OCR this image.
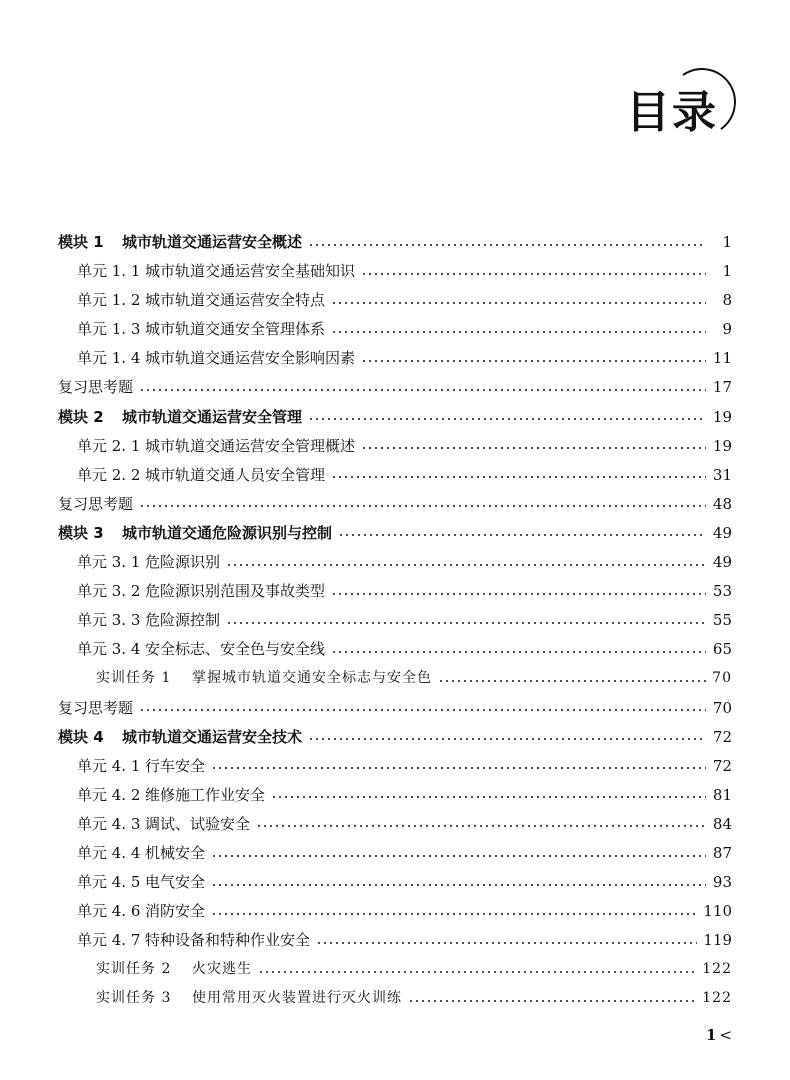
目录
模块 1	城市轨道交通运营安全概述	1
单元 1. 1 城市轨道交通运营安全基础知识	1
单元 1. 2 城市轨道交通运营安全特点	8
单元 1. 3 城市轨道交通安全管理体系	9
单元 1. 4 城市轨道交通运营安全影响因素	11
复习思考题	17
模块 2	城市轨道交通运营安全管理	19
单元 2. 1 城市轨道交通运营安全管理概述	19
单元 2. 2 城市轨道交通人员安全管理	31
复习思考题	48
模块 3	城市轨道交通危险源识别与控制	49
单元 3. 1 危险源识别	49
单元 3. 2 危险源识别范围及事故类型	53
单元 3. 3 危险源控制	55
单元 3. 4 安全标志、安全色与安全线	65
实训任务 1	掌握城市轨道交通安全标志与安全色	70
复习思考题	70
模块 4	城市轨道交通运营安全技术	72
单元 4. 1 行车安全	72
单元 4. 2 维修施工作业安全	81
单元 4. 3 调试、试验安全	84
单元 4. 4 机械安全	87
单元 4. 5 电气安全	93
单元 4. 6 消防安全	110
单元 4. 7 特种设备和特种作业安全	119
实训任务 2	火灾逃生	122
实训任务 3	使用常用灭火装置进行灭火训练	122
1 <
